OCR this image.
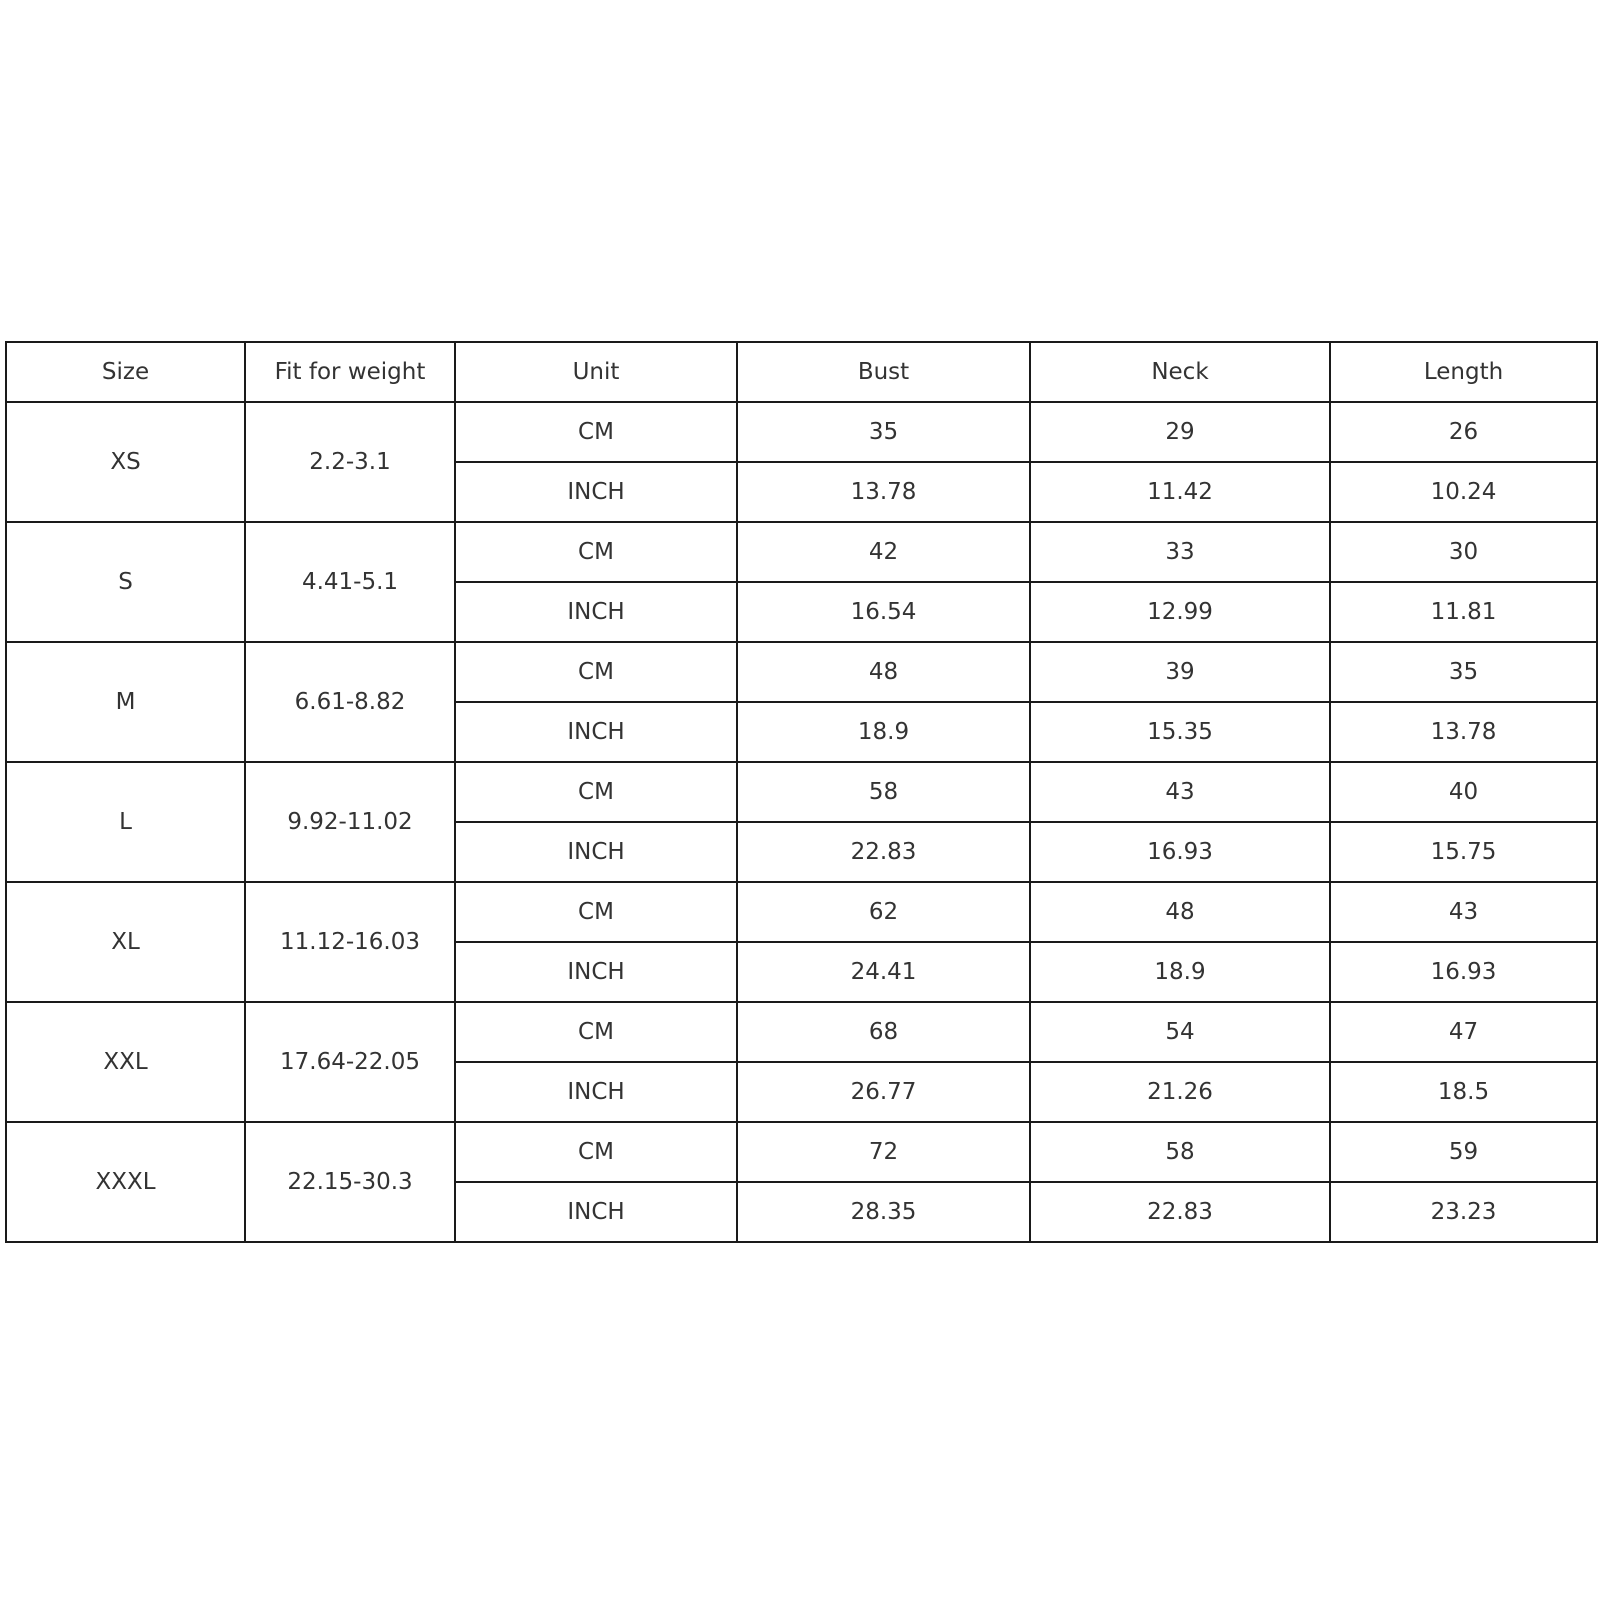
Size	Fit for weight	Unit	Bust	Neck	Length
XS	2.2-3.1	CM	35	29	26
		INCH	13.78	11.42	10.24
S	4.41-5.1	CM	42	33	30
		INCH	16.54	12.99	11.81
M	6.61-8.82	CM	48	39	35
		INCH	18.9	15.35	13.78
L	9.92-11.02	CM	58	43	40
		INCH	22.83	16.93	15.75
XL	11.12-16.03	CM	62	48	43
		INCH	24.41	18.9	16.93
XXL	17.64-22.05	CM	68	54	47
		INCH	26.77	21.26	18.5
XXXL	22.15-30.3	CM	72	58	59
		INCH	28.35	22.83	23.23
